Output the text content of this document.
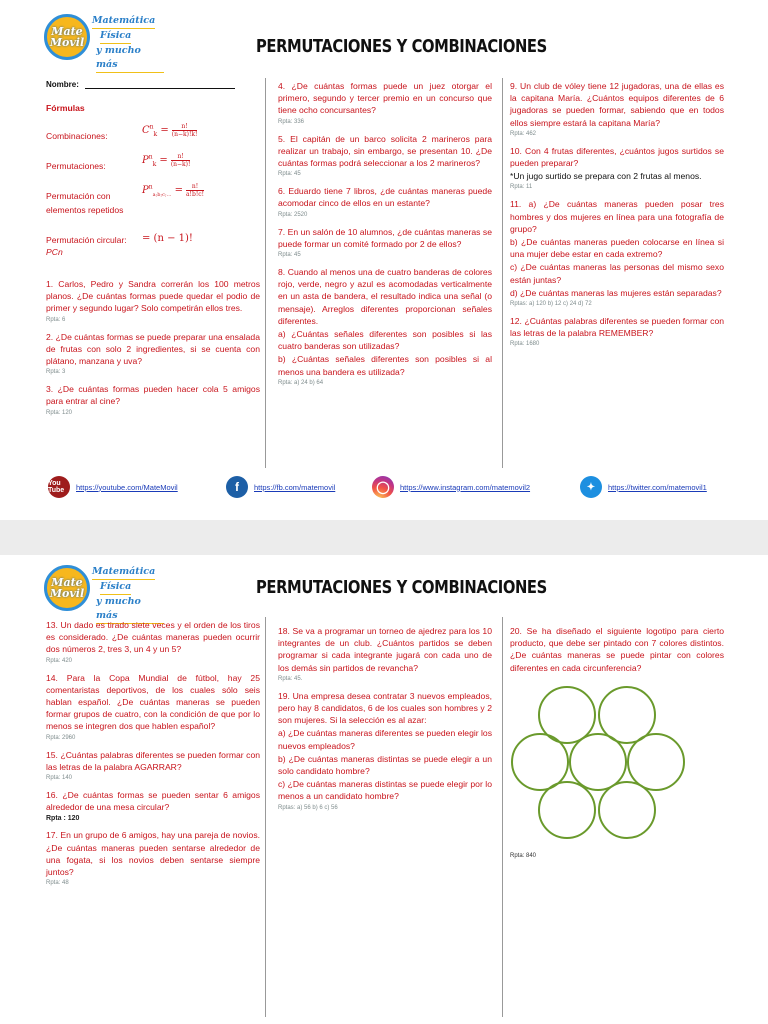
Mate
Movil
Matemática
Física
y mucho más
PERMUTACIONES Y COMBINACIONES
Nombre:
Fórmulas
Combinaciones:	$C^n_k = \frac{n!}{(n-k)!k!}$
Permutaciones:	$P^n_k = \frac{n!}{(n-k)!}$
Permutación con
elementos repetidos
$P^n_{a;b;c;...} = \frac{n!}{a!b!c!}$
Permutación circular:
PCn
= (n − 1)!

1. Carlos, Pedro y Sandra correrán los 100 metros planos. ¿De cuántas formas puede quedar el podio de primer y segundo lugar? Solo competirán ellos tres.

Rpta: 6

2. ¿De cuántas formas se puede preparar una ensalada de frutas con solo 2 ingredientes, si se cuenta con plátano, manzana y uva?

Rpta: 3

3. ¿De cuántas formas pueden hacer cola 5 amigos para entrar al cine?

Rpta: 120

4. ¿De cuántas formas puede un juez otorgar el primero, segundo y tercer premio en un concurso que tiene ocho concursantes?

Rpta: 336

5. El capitán de un barco solicita 2 marineros para realizar un trabajo, sin embargo, se presentan 10. ¿De cuántas formas podrá seleccionar a los 2 marineros?

Rpta: 45

6. Eduardo tiene 7 libros, ¿de cuántas maneras puede acomodar cinco de ellos en un estante?

Rpta: 2520

7. En un salón de 10 alumnos, ¿de cuántas maneras se puede formar un comité formado por 2 de ellos?

Rpta: 45

8. Cuando al menos una de cuatro banderas de colores rojo, verde, negro y azul es acomodadas verticalmente en un asta de bandera, el resultado indica una señal (o mensaje). Arreglos diferentes proporcionan señales diferentes.

a) ¿Cuántas señales diferentes son posibles si las cuatro banderas son utilizadas?

b) ¿Cuántas señales diferentes son posibles si al menos una bandera es utilizada?

Rpta: a) 24 b) 64

9. Un club de vóley tiene 12 jugadoras, una de ellas es la capitana María. ¿Cuántos equipos diferentes de 6 jugadoras se pueden formar, sabiendo que en todos ellos siempre estará la capitana María?

Rpta: 462

10. Con 4 frutas diferentes, ¿cuántos jugos surtidos se pueden preparar?

*Un jugo surtido se prepara con 2 frutas al menos.

Rpta: 11

11. a) ¿De cuántas maneras pueden posar tres hombres y dos mujeres en línea para una fotografía de grupo?

b) ¿De cuántas maneras pueden colocarse en línea si una mujer debe estar en cada extremo?

c) ¿De cuántas maneras las personas del mismo sexo están juntas?

d) ¿De cuántas maneras las mujeres están separadas?

Rptas: a) 120 b) 12 c) 24 d) 72

12. ¿Cuántas palabras diferentes se pueden formar con las letras de la palabra REMEMBER?

Rpta: 1680
You Tube	https://youtube.com/MateMovil	f	https://fb.com/matemovil	◯	https://www.instagram.com/matemovil2	✦	https://twitter.com/matemovil1
Mate
Movil
Matemática
Física
y mucho más
PERMUTACIONES Y COMBINACIONES

13. Un dado es tirado siete veces y el orden de los tiros es considerado. ¿De cuántas maneras pueden ocurrir dos números 2, tres 3, un 4 y un 5?

Rpta: 420

14. Para la Copa Mundial de fútbol, hay 25 comentaristas deportivos, de los cuales sólo seis hablan español. ¿De cuántas maneras se pueden formar grupos de cuatro, con la condición de que por lo menos se integren dos que hablen español?

Rpta: 2960

15. ¿Cuántas palabras diferentes se pueden formar con las letras de la palabra AGARRAR?

Rpta: 140

16. ¿De cuántas formas se pueden sentar 6 amigos alrededor de una mesa circular?

Rpta : 120

17. En un grupo de 6 amigos, hay una pareja de novios. ¿De cuántas maneras pueden sentarse alrededor de una fogata, si los novios deben sentarse siempre juntos?

Rpta: 48

18. Se va a programar un torneo de ajedrez para los 10 integrantes de un club. ¿Cuántos partidos se deben programar si cada integrante jugará con cada uno de los demás sin partidos de revancha?

Rpta: 45.

19. Una empresa desea contratar 3 nuevos empleados, pero hay 8 candidatos, 6 de los cuales son hombres y 2 son mujeres. Si la selección es al azar:

a) ¿De cuántas maneras diferentes se pueden elegir los nuevos empleados?

b) ¿De cuántas maneras distintas se puede elegir a un solo candidato hombre?

c) ¿De cuántas maneras distintas se puede elegir por lo menos a un candidato hombre?

Rptas: a) 56 b) 6 c) 56

20. Se ha diseñado el siguiente logotipo para cierto producto, que debe ser pintado con 7 colores distintos. ¿De cuántas maneras se puede pintar con colores diferentes en cada circunferencia?

Rpta: 840
